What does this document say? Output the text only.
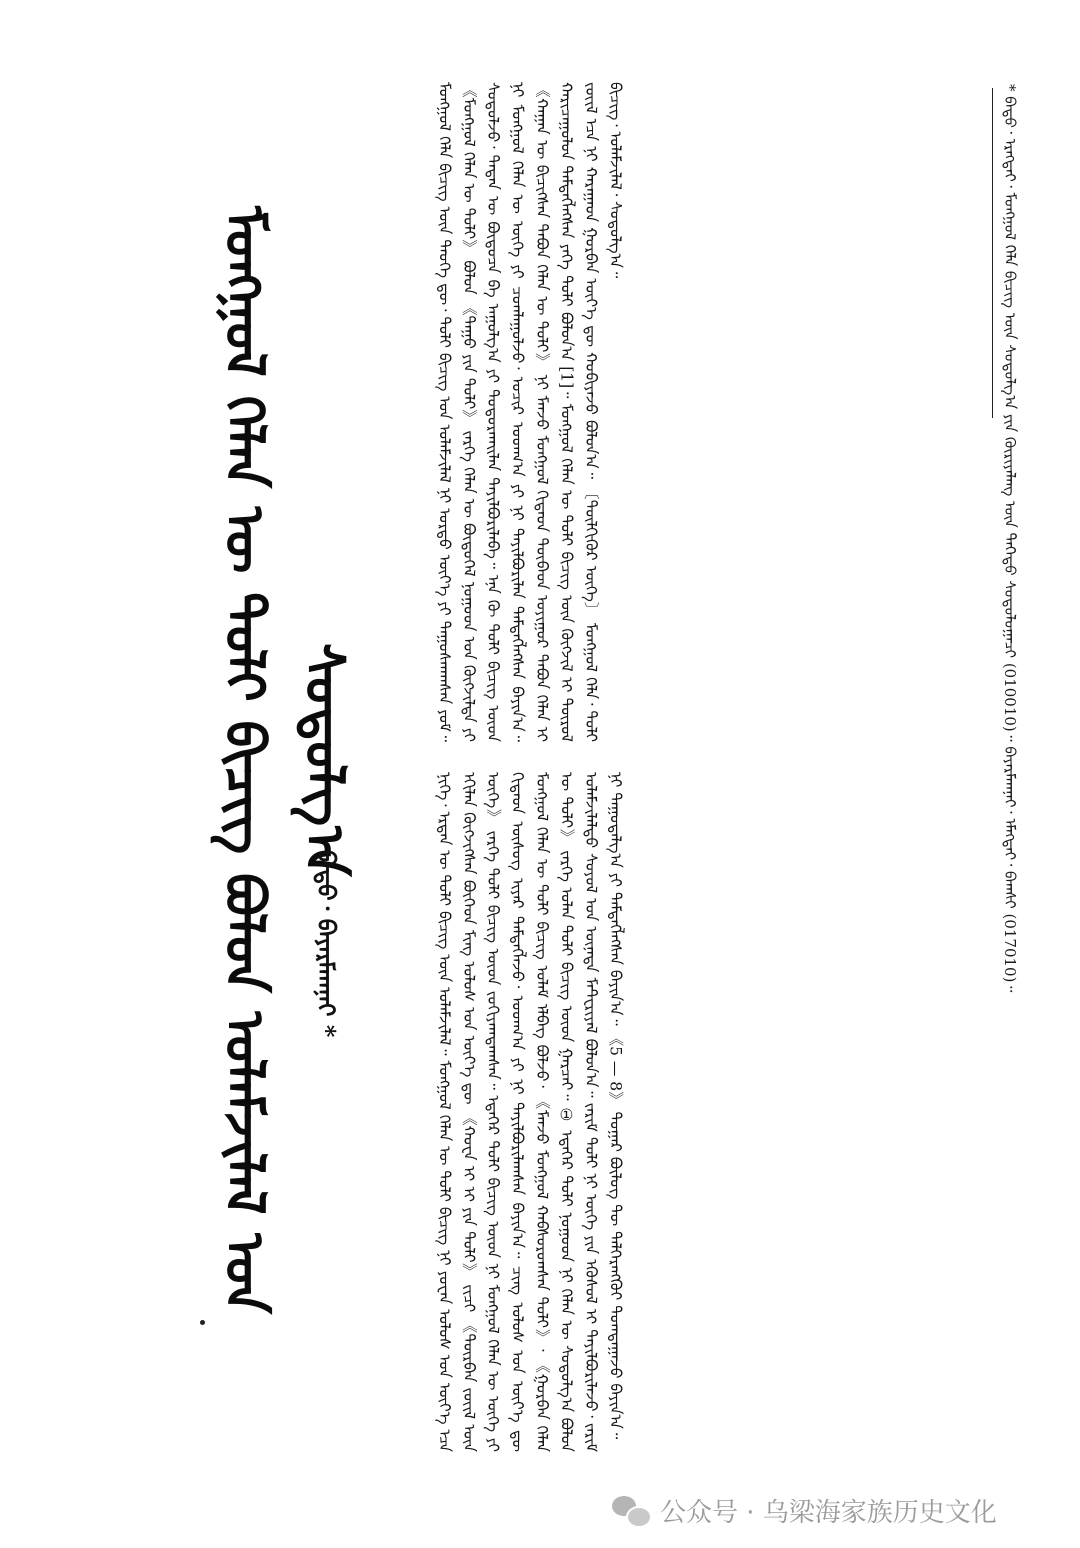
ᠮᠣᠩᠭᠣᠯ ᠬᠡᠯᠡᠨ ᠦ ᠲᠣᠯᠢ ᠪᠢᠴᠢᠭ ᠪᠣᠯᠤᠨ ᠤᠯᠠᠮᠵᠢᠯᠠᠯ ᠤᠨ ᠰᠤᠳᠤᠯᠭ᠎ᠠ
ᠪᠠᠲᠤ᠂ ᠪᠠᠶᠠᠷᠮᠠᠭᠨᠠᠢ *
ᠮᠣᠩᠭᠣᠯ ᠬᠡᠯᠡ ᠪᠢᠴᠢᠭ ᠦᠨ ᠲᠡᠦᠬᠡ ᠳᠦ᠂ ᠲᠣᠯᠢ ᠪᠢᠴᠢᠭ ᠤᠨ ᠤᠯᠠᠮᠵᠢᠯᠠᠯ ᠨᠢ ᠤᠷᠲᠤ ᠦᠶ᠎ᠡ ᠶᠢ ᠳᠠᠭᠤᠰᠬᠠᠭᠰᠠᠨ ᠶᠤᠮ᠃ 《ᠮᠣᠩᠭᠣᠯ ᠬᠡᠯᠡᠨ ᠦ ᠲᠣᠯᠢ》 ᠪᠣᠯᠤᠨ 《ᠳᠠᠭᠤ ᠶᠢᠨ ᠲᠣᠯᠢ》 ᠵᠡᠷᠭᠡ ᠬᠡᠯᠡᠨ ᠦ ᠪᠦᠲᠦᠭᠡᠯ ᠨᠤᠭᠤᠳ ᠤᠨ ᠬᠥᠭᠵᠢᠯᠲᠡ ᠶᠢ ᠰᠤᠳᠤᠯᠵᠤ᠂ ᠲᠡᠳᠡᠨ ᠦ ᠪᠦᠲᠦᠴᠡ ᠪᠠ ᠠᠭᠤᠯᠭ᠎ᠠ ᠶᠢ ᠲᠣᠳᠤᠷᠬᠠᠢᠯᠠᠨ ᠲᠠᠶᠢᠯᠪᠤᠷᠢᠯᠠᠪᠠ᠃ ᠡᠨᠡ ᠬᠦ ᠲᠣᠯᠢ ᠪᠢᠴᠢᠭ ᠦᠳ ᠨᠢ ᠮᠣᠩᠭᠣᠯ ᠬᠡᠯᠡᠨ ᠦ ᠦᠭᠡ ᠶᠢ ᠴᠤᠭᠯᠠᠭᠤᠯᠵᠤ᠂ ᠤᠴᠢᠷ ᠤᠳᠬ᠎ᠠ ᠶᠢ ᠨᠢ ᠲᠠᠶᠢᠯᠪᠤᠷᠢᠯᠠᠨ ᠲᠡᠮᠳᠡᠭᠯᠡᠭᠰᠡᠨ ᠪᠠᠶᠢᠨ᠎ᠠ᠃ 《ᠬᠠᠭᠠᠨ ᠦ ᠪᠢᠴᠢᠭᠰᠡᠨ ᠲᠠᠪᠤᠨ ᠬᠡᠯᠡᠨ ᠦ ᠲᠣᠯᠢ》 ᠨᠢ ᠮᠠᠨᠵᠤ ᠮᠣᠩᠭᠣᠯ ᠬᠢᠲᠠᠳ ᠲᠥᠪᠡᠳ ᠤᠶᠢᠭᠤᠷ ᠲᠠᠪᠤᠨ ᠬᠡᠯᠡᠨ ᠢ ᠬᠠᠷᠢᠴᠠᠭᠤᠯᠤᠨ ᠲᠡᠮᠳᠡᠭᠯᠡᠭᠰᠡᠨ ᠶᠡᠬᠡ ᠲᠣᠯᠢ ᠪᠣᠯᠤᠨ᠎ᠠ [1]᠃ ᠮᠣᠩᠭᠣᠯ ᠬᠡᠯᠡᠨ ᠦ ᠲᠣᠯᠢ ᠪᠢᠴᠢᠭ ᠦᠨ ᠬᠦᠭᠵᠢᠯ ᠢ ᠲᠥᠷᠥᠯ ᠵᠦᠢᠯ ᠡᠴᠡ ᠨᠢ ᠬᠠᠷᠠᠭᠠᠳ ᠭᠤᠷᠪᠠᠨ ᠦᠶ᠎ᠡ ᠳᠦ ᠬᠤᠪᠢᠶᠠᠵᠤ ᠪᠣᠯᠤᠨ᠎ᠠ᠃ 〔ᠲᠦᠯᠬᠢᠭᠦᠷ ᠦᠭᠡ〕 ᠮᠣᠩᠭᠣᠯ ᠬᠡᠯᠡ᠂ ᠲᠣᠯᠢ ᠪᠢᠴᠢᠭ᠂ ᠤᠯᠠᠮᠵᠢᠯᠠᠯ᠂ ᠰᠤᠳᠤᠯᠭ᠎ᠠ᠃
ᠨᠢᠭᠡ᠂ ᠡᠷᠲᠡᠨ ᠦ ᠲᠣᠯᠢ ᠪᠢᠴᠢᠭ ᠦᠨ ᠤᠯᠠᠮᠵᠢᠯᠠᠯ᠃ ᠮᠣᠩᠭᠣᠯ ᠬᠡᠯᠡᠨ ᠦ ᠲᠣᠯᠢ ᠪᠢᠴᠢᠭ ᠨᠢ ᠶᠤᠸᠠᠨ ᠤᠯᠤᠰ ᠤᠨ ᠦᠶ᠎ᠡ ᠡᠴᠡ ᠡᠬᠢᠯᠡᠨ ᠬᠥᠭᠵᠢᠭᠰᠡᠨ ᠪᠥᠭᠡᠳ ᠮᠢᠩ ᠤᠯᠤᠰ ᠤᠨ ᠦᠶ᠎ᠡ ᠳᠦ 《ᠬᠤᠸᠠ ᠢ ᠢ ᠶᠢᠨ ᠲᠣᠯᠢ》 ᠵᠢᠴᠢ 《ᠳᠥᠷᠪᠡᠨ ᠵᠦᠢᠯ ᠦᠨ ᠦᠭᠡ》 ᠵᠡᠷᠭᠡ ᠲᠣᠯᠢ ᠪᠢᠴᠢᠭ ᠦᠳ ᠵᠣᠬᠢᠶᠠᠭᠳᠠᠭᠰᠠᠨ᠃ ᠡᠳᠡᠭᠡᠷ ᠲᠣᠯᠢ ᠪᠢᠴᠢᠭ ᠦᠳ ᠨᠢ ᠮᠣᠩᠭᠣᠯ ᠬᠡᠯᠡᠨ ᠦ ᠦᠭᠡ ᠶᠢ ᠬᠢᠲᠠᠳ ᠦᠰᠦᠭ ᠢᠶᠡᠷ ᠲᠡᠮᠳᠡᠭᠯᠡᠵᠦ᠂ ᠤᠳᠬ᠎ᠠ ᠶᠢ ᠨᠢ ᠲᠠᠶᠢᠯᠪᠤᠷᠢᠯᠠᠭᠰᠠᠨ ᠪᠠᠶᠢᠨ᠎ᠠ᠃ ᠴᠢᠩ ᠤᠯᠤᠰ ᠤᠨ ᠦᠶ᠎ᠡ ᠳᠦ ᠮᠣᠩᠭᠣᠯ ᠬᠡᠯᠡᠨ ᠦ ᠲᠣᠯᠢ ᠪᠢᠴᠢᠭ ᠤᠯᠠᠮ ᠡᠯᠪᠡᠭ ᠪᠣᠯᠵᠤ᠂ 《ᠮᠠᠨᠵᠤ ᠮᠣᠩᠭᠣᠯ ᠬᠠᠪᠰᠤᠷᠤᠭᠰᠠᠨ ᠲᠣᠯᠢ》᠂ 《ᠭᠤᠷᠪᠠᠨ ᠬᠡᠯᠡᠨ ᠦ ᠲᠣᠯᠢ》 ᠵᠡᠷᠭᠡ ᠣᠯᠠᠨ ᠲᠣᠯᠢ ᠪᠢᠴᠢᠭ ᠦᠳ ᠭᠠᠷᠴᠠᠢ᠃ ① ᠡᠳᠡᠭᠡᠷ ᠲᠣᠯᠢ ᠨᠤᠭᠤᠳ ᠨᠢ ᠬᠡᠯᠡᠨ ᠦ ᠰᠤᠳᠤᠯᠭ᠎ᠠ ᠪᠣᠯᠤᠨ ᠤᠯᠠᠮᠵᠢᠯᠠᠯᠲᠤ ᠰᠣᠶᠣᠯ ᠤᠨ ᠦᠨᠡᠲᠡ ᠮᠠᠲ᠋ᠧᠷᠢᠶᠠᠯ ᠪᠣᠯᠤᠨ᠎ᠠ᠃ ᠵᠠᠷᠢᠮ ᠲᠣᠯᠢ ᠨᠢ ᠦᠭᠡ ᠶᠢᠨ ᠡᠭᠦᠰᠦᠯ ᠢ ᠲᠠᠶᠢᠯᠪᠤᠷᠢᠯᠠᠵᠤ᠂ ᠵᠠᠷᠢᠮ ᠨᠢ ᠳᠠᠭᠤᠳᠠᠯᠭ᠎ᠠ ᠶᠢ ᠲᠡᠮᠳᠡᠭᠯᠡᠭᠰᠡᠨ ᠪᠠᠶᠢᠨ᠎ᠠ᠃ 《5 — 8》 ᠳᠤᠭᠠᠷ ᠪᠦᠯᠦᠭ ᠲᠦ ᠳᠡᠯᠭᠡᠷᠡᠩᠭᠦᠢ ᠲᠣᠭᠲᠠᠭᠠᠵᠤ ᠪᠠᠶᠢᠨ᠎ᠠ᠃
* ᠪᠠᠲᠤ᠂ ᠡᠷᠡᠭᠲᠡᠢ᠂ ᠮᠣᠩᠭᠣᠯ ᠬᠡᠯᠡ ᠪᠢᠴᠢᠭ ᠦᠨ ᠰᠤᠳᠤᠯᠭ᠎ᠠ ᠶᠢᠨ ᠬᠦᠷᠢᠶᠡᠯᠡᠩ ᠦᠨ ᠳᠡᠭᠡᠳᠦ ᠰᠤᠳᠤᠯᠤᠭᠠᠴᠢ (010010)᠃ ᠪᠠᠶᠠᠷᠮᠠᠭᠨᠠᠢ᠂ ᠡᠮᠡᠭᠲᠡᠢ᠂ ᠪᠠᠭᠰᠢ (017010)᠃
公众号 · 乌梁海家族历史文化
